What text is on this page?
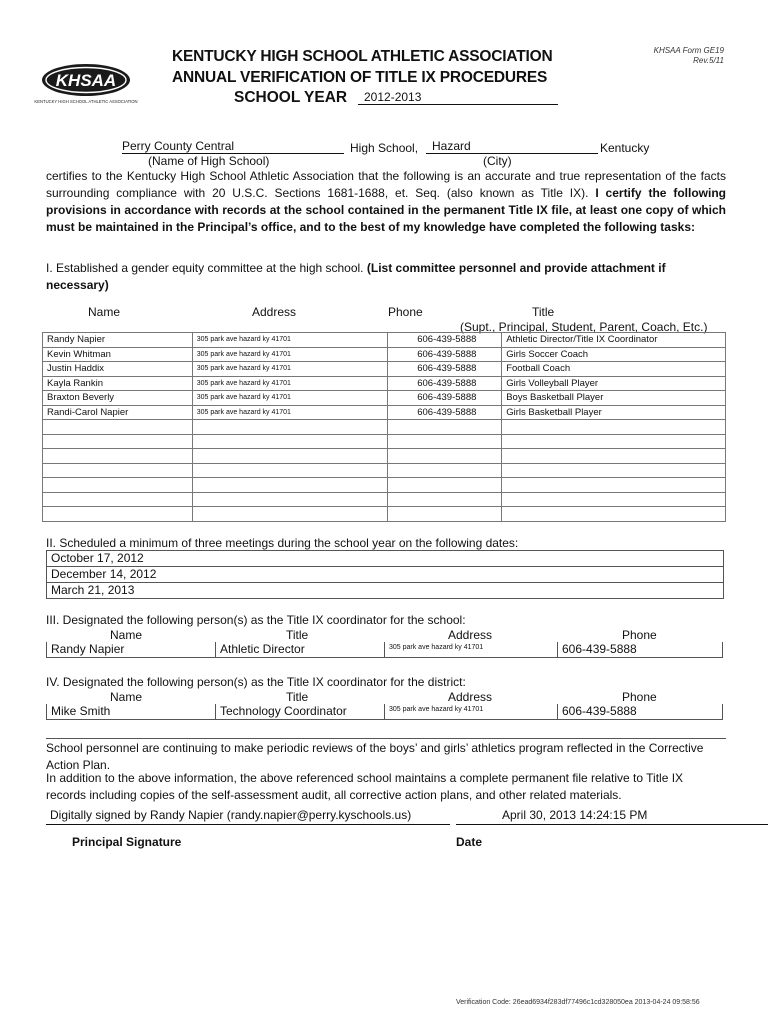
KHSAA
KENTUCKY HIGH SCHOOL ATHLETIC ASSOCIATION
KHSAA Form GE19
Rev.5/11
KENTUCKY HIGH SCHOOL ATHLETIC ASSOCIATION
ANNUAL VERIFICATION OF TITLE IX PROCEDURES
SCHOOL YEAR	2012-2013
Perry County Central	High School,	Hazard	Kentucky
(Name of High School)	(City)
certifies to the Kentucky High School Athletic Association that the following is an accurate and true representation of the facts surrounding compliance with 20 U.S.C. Sections 1681-1688, et. Seq. (also known as Title IX). I certify the following provisions in accordance with records at the school contained in the permanent Title IX file, at least one copy of which must be maintained in the Principal’s office, and to the best of my knowledge have completed the following tasks:
I. Established a gender equity committee at the high school. (List committee personnel and provide attachment if necessary)
Name	Address	Phone	Title
(Supt., Principal, Student, Parent, Coach, Etc.)
Randy Napier	305 park ave hazard ky 41701	606-439-5888	Athletic Director/Title IX Coordinator
Kevin Whitman	305 park ave hazard ky 41701	606-439-5888	Girls Soccer Coach
Justin Haddix	305 park ave hazard ky 41701	606-439-5888	Football Coach
Kayla Rankin	305 park ave hazard ky 41701	606-439-5888	Girls Volleyball Player
Braxton Beverly	305 park ave hazard ky 41701	606-439-5888	Boys Basketball Player
Randi-Carol Napier	305 park ave hazard ky 41701	606-439-5888	Girls Basketball Player

II. Scheduled a minimum of three meetings during the school year on the following dates:
October 17, 2012
December 14, 2012
March 21, 2013
III. Designated the following person(s) as the Title IX coordinator for the school:
Name	Title	Address	Phone
Randy Napier	Athletic Director	305 park ave hazard ky 41701	606-439-5888
IV. Designated the following person(s) as the Title IX coordinator for the district:
Name	Title	Address	Phone
Mike Smith	Technology Coordinator	305 park ave hazard ky 41701	606-439-5888
School personnel are continuing to make periodic reviews of the boys’ and girls’ athletics program reflected in the Corrective Action Plan.
In addition to the above information, the above referenced school maintains a complete permanent file relative to Title IX records including copies of the self-assessment audit, all corrective action plans, and other related materials.
Digitally signed by Randy Napier (randy.napier@perry.kyschools.us)	April 30, 2013 14:24:15 PM
Principal Signature	Date
Verification Code: 26ead6934f283df77496c1cd328050ea 2013-04-24 09:58:56
